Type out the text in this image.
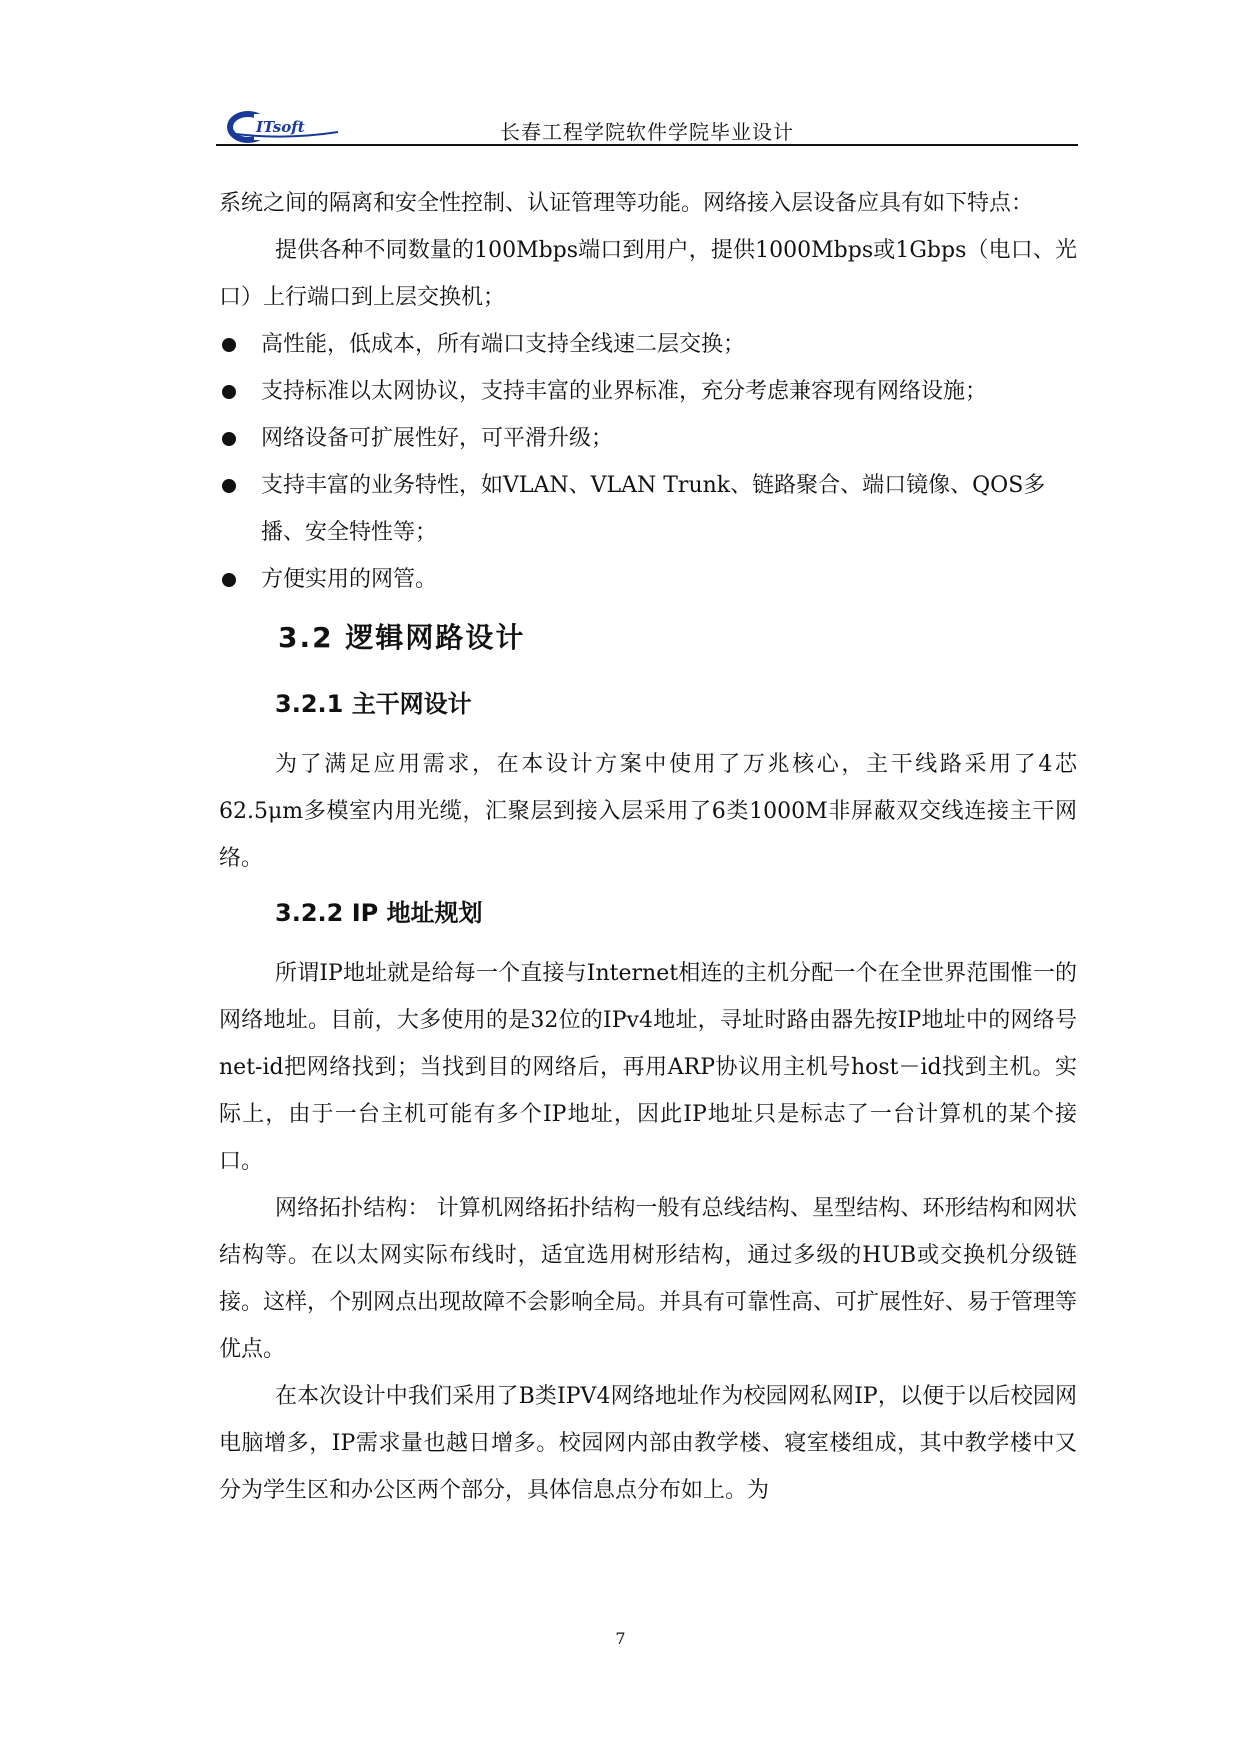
ITsoft	长春工程学院软件学院毕业设计

系统之间的隔离和安全性控制、认证管理等功能。网络接入层设备应具有如下特点：

提供各种不同数量的100Mbps端口到用户，提供1000Mbps或1Gbps（电口、光口）上行端口到上层交换机；

高性能，低成本，所有端口支持全线速二层交换；
支持标准以太网协议，支持丰富的业界标准，充分考虑兼容现有网络设施；
网络设备可扩展性好，可平滑升级；
支持丰富的业务特性，如VLAN、VLAN Trunk、链路聚合、端口镜像、QOS多播、安全特性等；
方便实用的网管。
3.2 逻辑网路设计
3.2.1 主干网设计

为了满足应用需求，在本设计方案中使用了万兆核心，主干线路采用了4芯62.5μm多模室内用光缆，汇聚层到接入层采用了6类1000M非屏蔽双交线连接主干网络。

3.2.2 IP 地址规划

所谓IP地址就是给每一个直接与Internet相连的主机分配一个在全世界范围惟一的网络地址。目前，大多使用的是32位的IPv4地址，寻址时路由器先按IP地址中的网络号net-id把网络找到；当找到目的网络后，再用ARP协议用主机号host－id找到主机。实际上，由于一台主机可能有多个IP地址，因此IP地址只是标志了一台计算机的某个接口。

网络拓扑结构： 计算机网络拓扑结构一般有总线结构、星型结构、环形结构和网状结构等。在以太网实际布线时，适宜选用树形结构，通过多级的HUB或交换机分级链接。这样，个别网点出现故障不会影响全局。并具有可靠性高、可扩展性好、易于管理等优点。

在本次设计中我们采用了B类IPV4网络地址作为校园网私网IP，以便于以后校园网电脑增多，IP需求量也越日增多。校园网内部由教学楼、寝室楼组成，其中教学楼中又分为学生区和办公区两个部分，具体信息点分布如上。为

7
